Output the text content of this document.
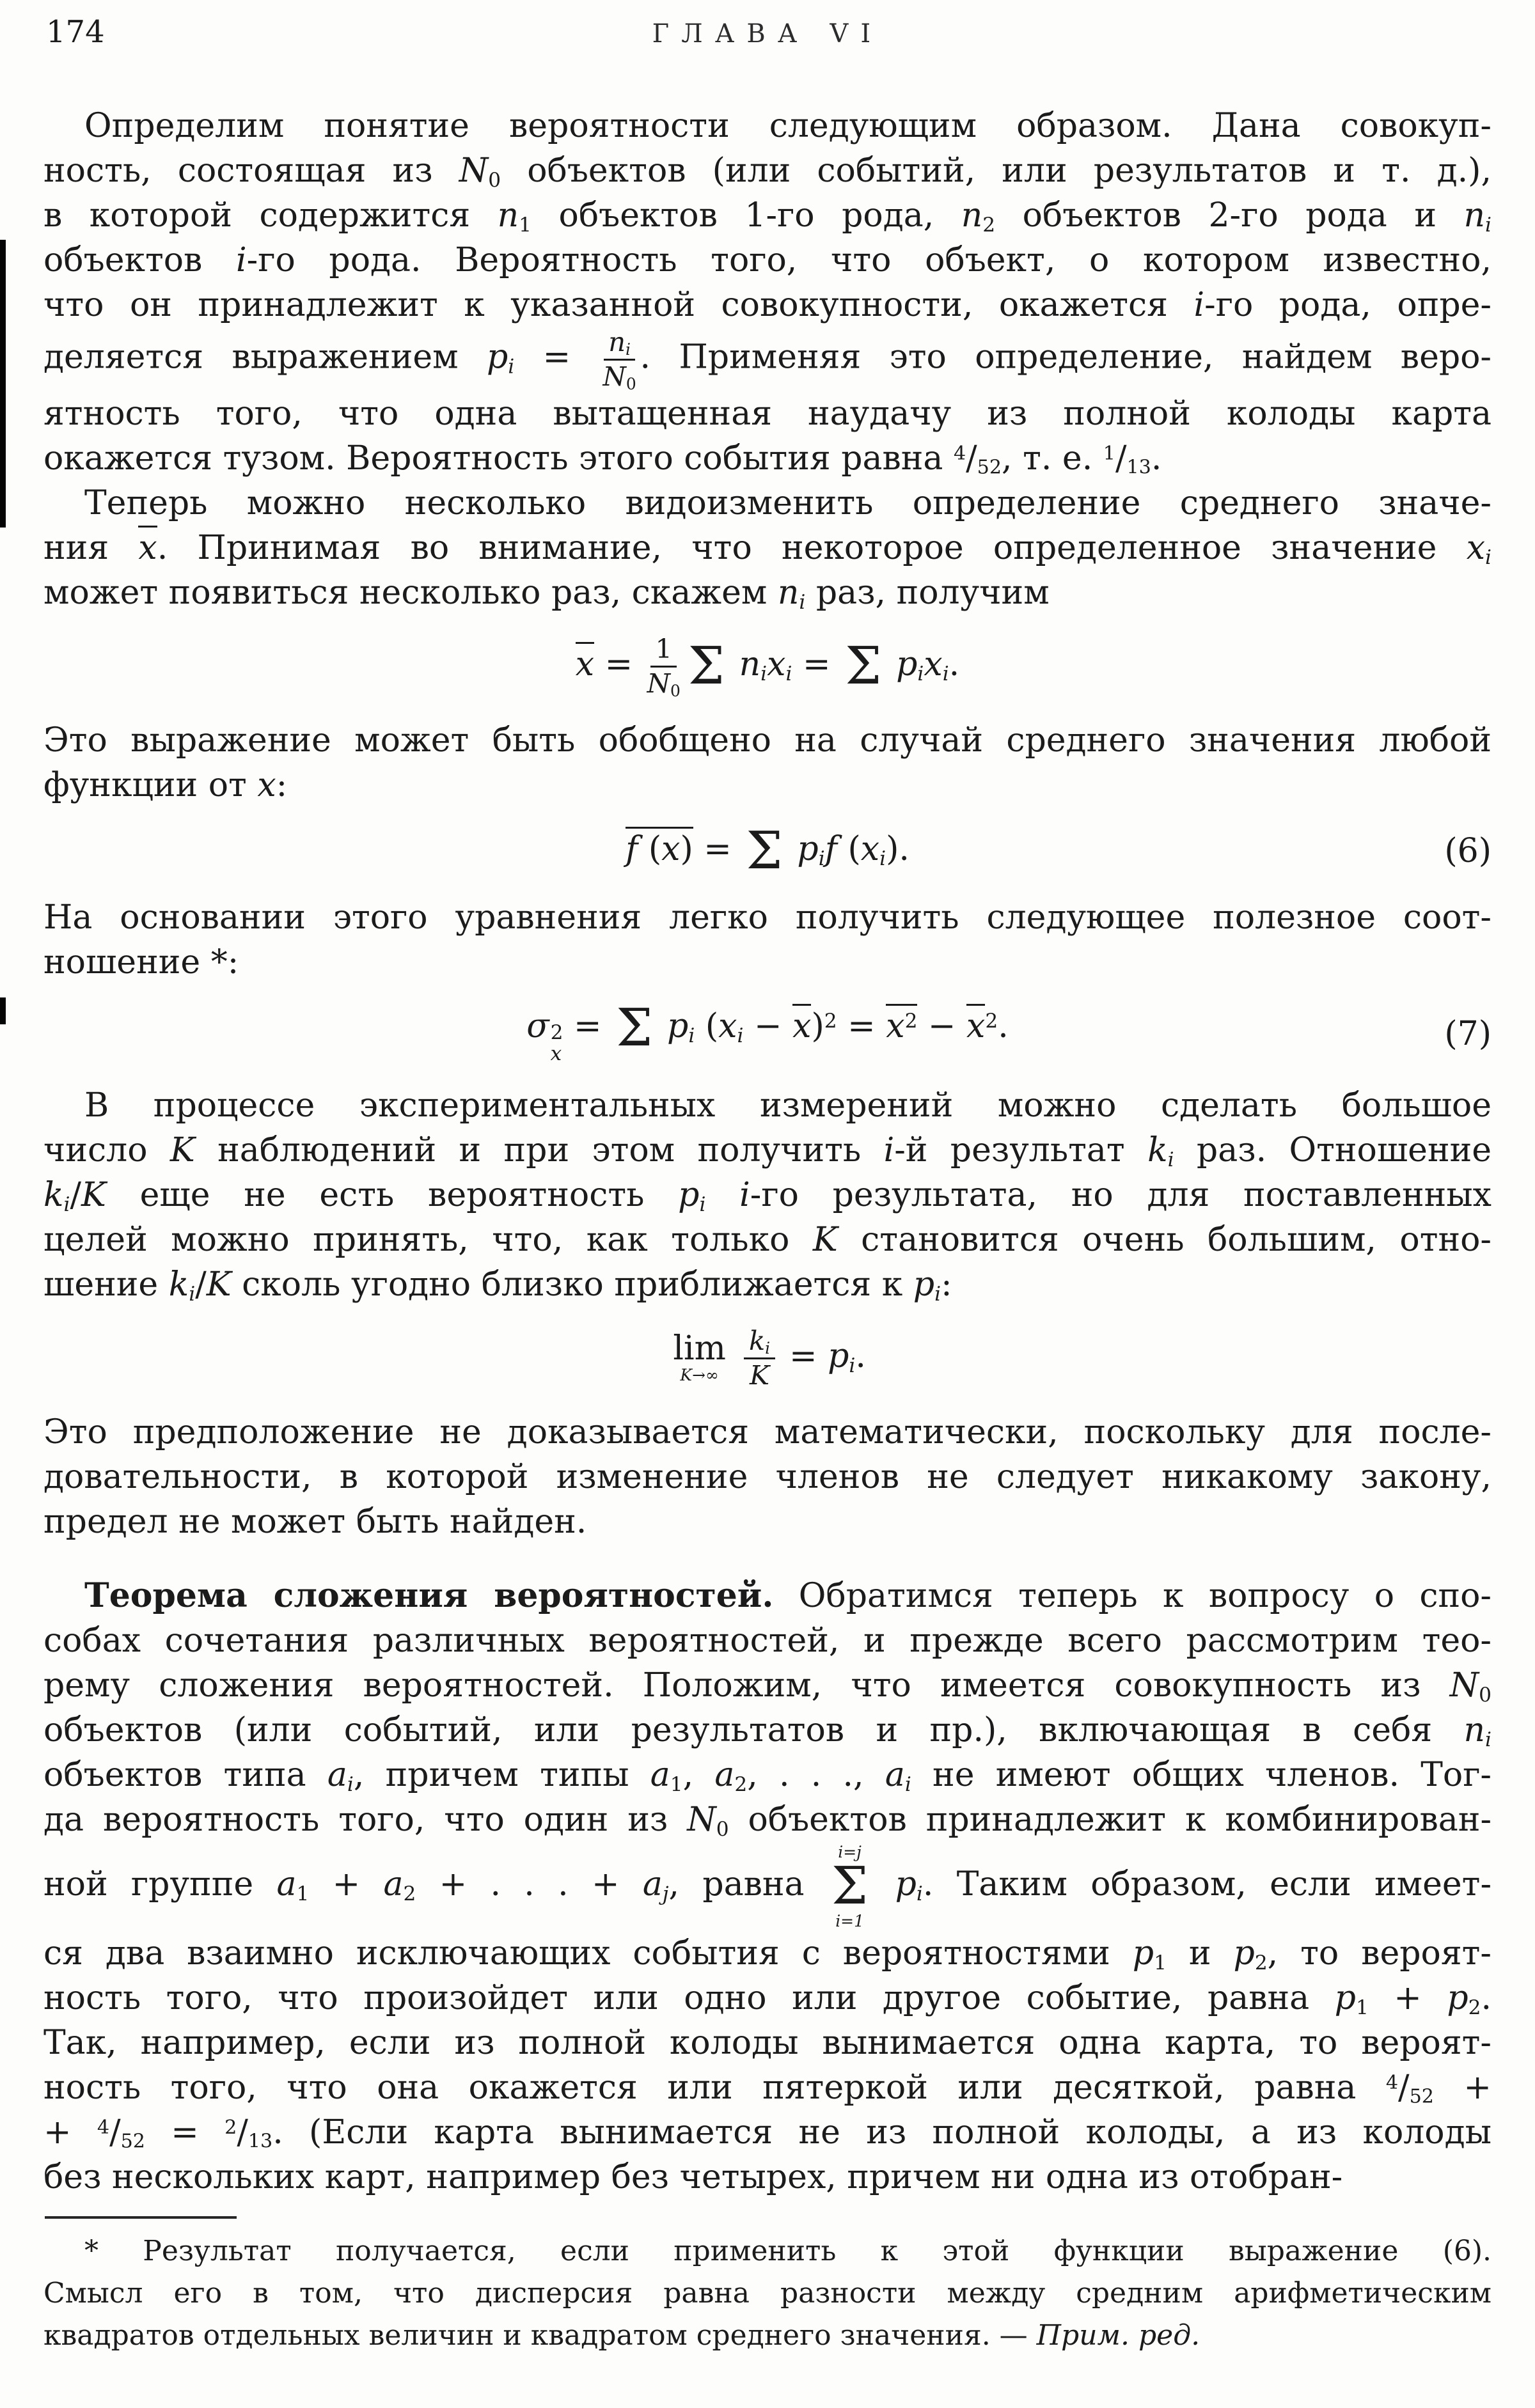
174	ГЛАВА VI
Определим понятие вероятности следующим образом. Дана совокуп-
ность, состоящая из $N_0$ объектов (или событий, или результатов и т. д.),
в которой содержится $n_1$ объектов 1-го рода, $n_2$ объектов 2-го рода и $n_i$
объектов i-го рода. Вероятность того, что объект, о котором известно,
что он принадлежит к указанной совокупности, окажется i-го рода, опре-
деляется выражением $p_i = \frac{n_i}{N_0}$ . Применяя это определение, найдем веро-
ятность того, что одна вытащенная наудачу из полной колоды карта
окажется тузом. Вероятность этого события равна $^4/_{52}$, т. е. $^1/_{13}$.
Теперь можно несколько видоизменить определение среднего значе-
ния x. Принимая во внимание, что некоторое определенное значение $x_i$
может появиться несколько раз, скажем $n_i$ раз, получим
$x = \frac{1}{N_0}$ Σ $n_ix_i = \Sigma$ $p_ix_i$.
Это выражение может быть обобщено на случай среднего значения любой
функции от x:
f (x) = Σ $p_if$ $(x_i)$.	(6)
На основании этого уравнения легко получить следующее полезное соот-
ношение *:
σ 2
x
= Σ $p_i$ $(x_i - x)^2 = x^2 - x^2$.	(7)
В процессе экспериментальных измерений можно сделать большое
число K наблюдений и при этом получить i-й результат $k_i$ раз. Отношение
$k_i/K$ еще не есть вероятность $p_i$ i-го результата, но для поставленных
целей можно принять, что, как только K становится очень большим, отно-
шение $k_i/K$ сколь угодно близко приближается к $p_i$:
lim
K→∞
$\frac{k_i}{K} = p_i$.
Это предположение не доказывается математически, поскольку для после-
довательности, в которой изменение членов не следует никакому закону,
предел не может быть найден.
Теорема сложения вероятностей. Обратимся теперь к вопросу о спо-
собах сочетания различных вероятностей, и прежде всего рассмотрим тео-
рему сложения вероятностей. Положим, что имеется совокупность из $N_0$
объектов (или событий, или результатов и пр.), включающая в себя $n_i$
объектов типа $a_i$, причем типы $a_1$, $a_2$, . . ., $a_i$ не имеют общих членов. Тог-
да вероятность того, что один из $N_0$ объектов принадлежит к комбинирован-
ной группе $a_1 + a_2$ + . . . + $a_j$, равна
i=j
Σ
i=1
$p_i$. Таким образом, если имеет-
ся два взаимно исключающих события с вероятностями $p_1$ и $p_2$, то вероят-
ность того, что произойдет или одно или другое событие, равна $p_1 + p_2$.
Так, например, если из полной колоды вынимается одна карта, то вероят-
ность того, что она окажется или пятеркой или десяткой, равна $^4/_{52}$ +
+ $^4/_{52} = ^2/_{13}$. (Если карта вынимается не из полной колоды, а из колоды
без нескольких карт, например без четырех, причем ни одна из отобран-
* Результат получается, если применить к этой функции выражение (6).
Смысл его в том, что дисперсия равна разности между средним арифметическим
квадратов отдельных величин и квадратом среднего значения. — Прим. ред.
